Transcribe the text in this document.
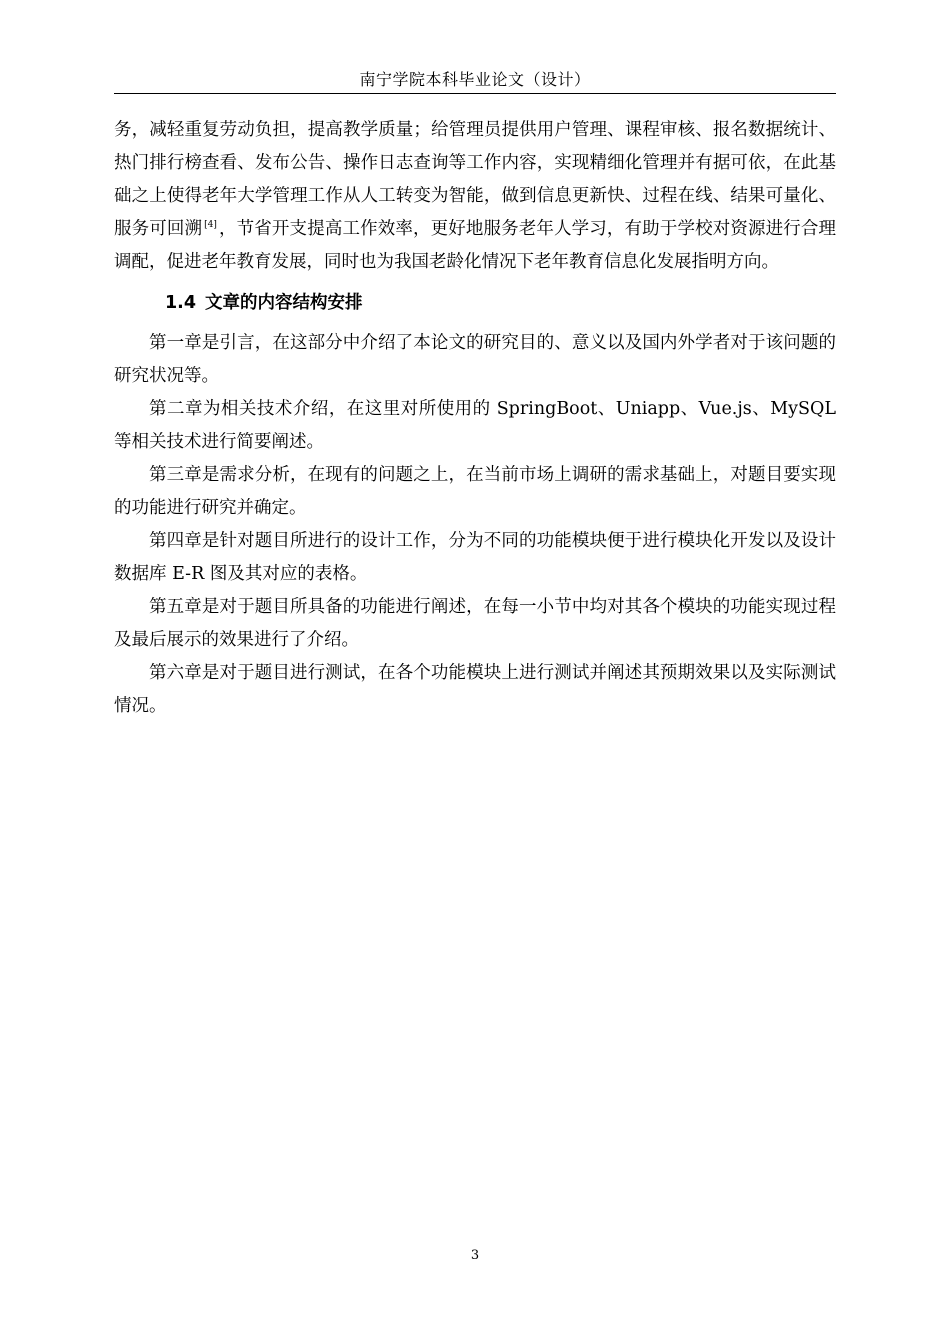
南宁学院本科毕业论文（设计）

务，减轻重复劳动负担，提高教学质量；给管理员提供用户管理、课程审核、报名数据统计、热门排行榜查看、发布公告、操作日志查询等工作内容，实现精细化管理并有据可依，在此基础之上使得老年大学管理工作从人工转变为智能，做到信息更新快、过程在线、结果可量化、服务可回溯 [4] ，节省开支提高工作效率，更好地服务老年人学习，有助于学校对资源进行合理调配，促进老年教育发展，同时也为我国老龄化情况下老年教育信息化发展指明方向。

1.4 文章的内容结构安排

第一章是引言，在这部分中介绍了本论文的研究目的、意义以及国内外学者对于该问题的研究状况等。

第二章为相关技术介绍，在这里对所使用的 SpringBoot、Uniapp、Vue.js、MySQL 等相关技术进行简要阐述。

第三章是需求分析，在现有的问题之上，在当前市场上调研的需求基础上，对题目要实现的功能进行研究并确定。

第四章是针对题目所进行的设计工作，分为不同的功能模块便于进行模块化开发以及设计数据库 E-R 图及其对应的表格。

第五章是对于题目所具备的功能进行阐述，在每一小节中均对其各个模块的功能实现过程及最后展示的效果进行了介绍。

第六章是对于题目进行测试，在各个功能模块上进行测试并阐述其预期效果以及实际测试情况。

3
